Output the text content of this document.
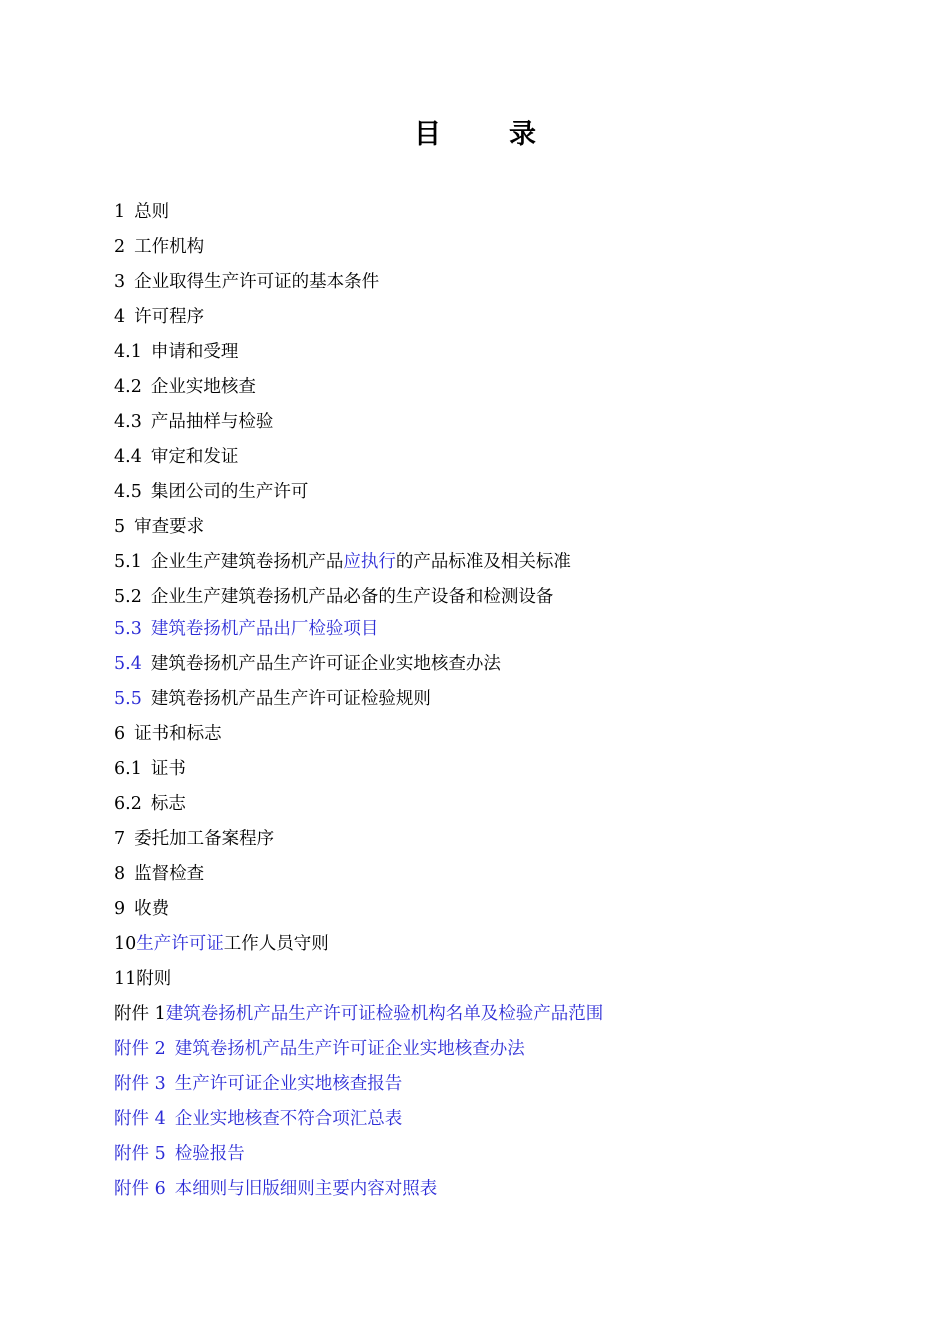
目	录
1 总则
2 工作机构
3 企业取得生产许可证的基本条件
4 许可程序
4.1 申请和受理
4.2 企业实地核查
4.3 产品抽样与检验
4.4 审定和发证
4.5 集团公司的生产许可
5 审查要求
5.1 企业生产建筑卷扬机产品应执行的产品标准及相关标准
5.2 企业生产建筑卷扬机产品必备的生产设备和检测设备
5.3 建筑卷扬机产品出厂检验项目
5.4 建筑卷扬机产品生产许可证企业实地核查办法
5.5 建筑卷扬机产品生产许可证检验规则
6 证书和标志
6.1 证书
6.2 标志
7 委托加工备案程序
8 监督检查
9 收费
10生产许可证工作人员守则
11附则
附件 1建筑卷扬机产品生产许可证检验机构名单及检验产品范围
附件 2 建筑卷扬机产品生产许可证企业实地核查办法
附件 3 生产许可证企业实地核查报告
附件 4 企业实地核查不符合项汇总表
附件 5 检验报告
附件 6 本细则与旧版细则主要内容对照表
